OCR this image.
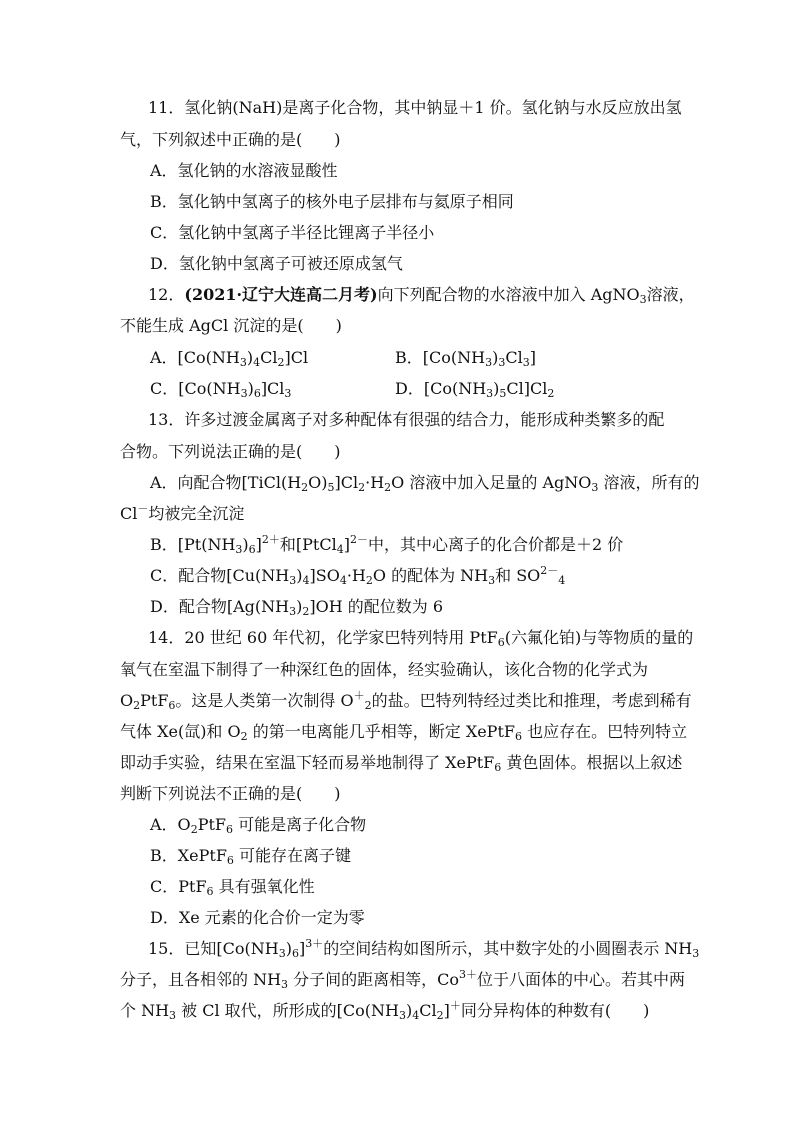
11．氢化钠(NaH)是离子化合物，其中钠显＋1 价。氢化钠与水反应放出氢
气，下列叙述中正确的是(　　)
A．氢化钠的水溶液显酸性
B．氢化钠中氢离子的核外电子层排布与氦原子相同
C．氢化钠中氢离子半径比锂离子半径小
D．氢化钠中氢离子可被还原成氢气
12．(2021·辽宁大连高二月考)向下列配合物的水溶液中加入 AgNO$_3$溶液，
不能生成 AgCl 沉淀的是(　　)
A．$[Co(NH_3)_4Cl_2]Cl$	B．$[Co(NH_3)_3Cl_3]$
C．$[Co(NH_3)_6]Cl_3$	D．$[Co(NH_3)_5Cl]Cl_2$
13．许多过渡金属离子对多种配体有很强的结合力，能形成种类繁多的配
合物。下列说法正确的是(　　)
A．向配合物$[TiCl(H_2O)_5]Cl_2\cdot H_2O$ 溶液中加入足量的 AgNO$_3$ 溶液，所有的
Cl－均被完全沉淀
B．$[Pt(NH_3)_6]^{2+}$和[PtCl$_4$]$^{2-}$中，其中心离子的化合价都是＋2 价
C．配合物$[Cu(NH_3)_4]SO_4\cdot H_2O$ 的配体为 $NH_3$和 $SO^{2-}_4$
D．配合物$[Ag(NH_3)_2]OH$ 的配位数为 6
14．20 世纪 60 年代初，化学家巴特列特用 PtF$_6$(六氟化铂)与等物质的量的
氧气在室温下制得了一种深红色的固体，经实验确认，该化合物的化学式为
$O_2PtF_6$。这是人类第一次制得 $O^+_2$的盐。巴特列特经过类比和推理，考虑到稀有
气体 Xe(氙)和 $O_2$ 的第一电离能几乎相等，断定 XePtF$_6$ 也应存在。巴特列特立
即动手实验，结果在室温下轻而易举地制得了 XePtF$_6$ 黄色固体。根据以上叙述
判断下列说法不正确的是(　　)
A．$O_2PtF_6$ 可能是离子化合物
B．XePtF$_6$ 可能存在离子键
C．PtF$_6$ 具有强氧化性
D．Xe 元素的化合价一定为零
15．已知$[Co(NH_3)_6]^{3+}$的空间结构如图所示，其中数字处的小圆圈表示 $NH_3$
分子，且各相邻的 $NH_3$ 分子间的距离相等，$Co^{3+}$位于八面体的中心。若其中两
个 $NH_3$ 被 Cl 取代，所形成的$[Co(NH_3)_4Cl_2]^+$同分异构体的种数有(　　)
